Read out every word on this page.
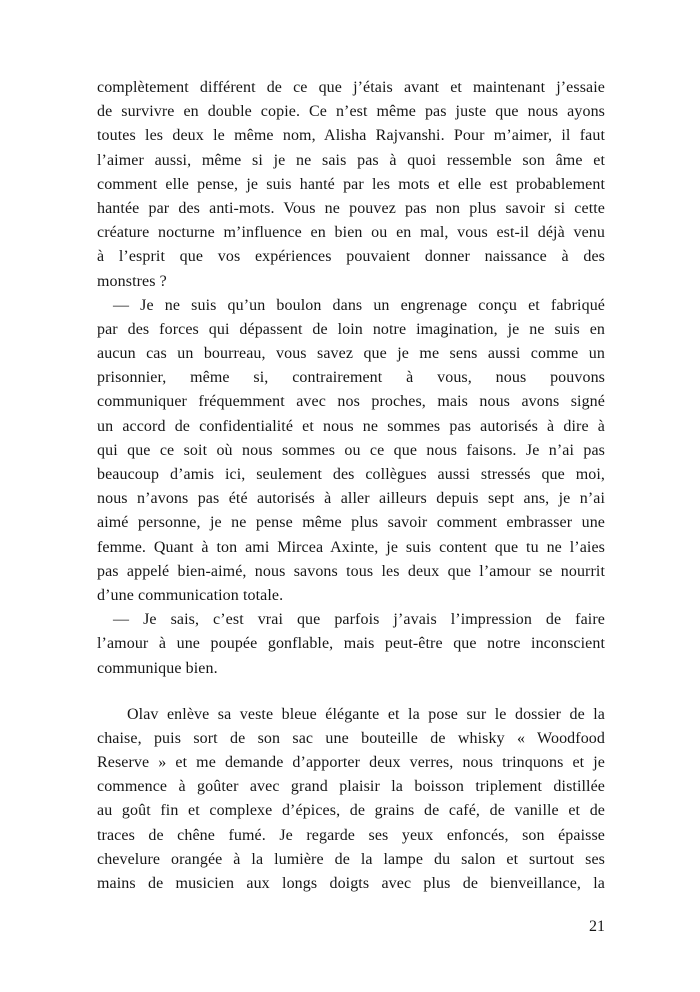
complètement différent de ce que j’étais avant et maintenant j’essaie
de survivre en double copie. Ce n’est même pas juste que nous ayons
toutes les deux le même nom, Alisha Rajvanshi. Pour m’aimer, il faut
l’aimer aussi, même si je ne sais pas à quoi ressemble son âme et
comment elle pense, je suis hanté par les mots et elle est probablement
hantée par des anti-mots. Vous ne pouvez pas non plus savoir si cette
créature nocturne m’influence en bien ou en mal, vous est-il déjà venu
à l’esprit que vos expériences pouvaient donner naissance à des
monstres ?
— Je ne suis qu’un boulon dans un engrenage conçu et fabriqué
par des forces qui dépassent de loin notre imagination, je ne suis en
aucun cas un bourreau, vous savez que je me sens aussi comme un
prisonnier, même si, contrairement à vous, nous pouvons
communiquer fréquemment avec nos proches, mais nous avons signé
un accord de confidentialité et nous ne sommes pas autorisés à dire à
qui que ce soit où nous sommes ou ce que nous faisons. Je n’ai pas
beaucoup d’amis ici, seulement des collègues aussi stressés que moi,
nous n’avons pas été autorisés à aller ailleurs depuis sept ans, je n’ai
aimé personne, je ne pense même plus savoir comment embrasser une
femme. Quant à ton ami Mircea Axinte, je suis content que tu ne l’aies
pas appelé bien-aimé, nous savons tous les deux que l’amour se nourrit
d’une communication totale.
— Je sais, c’est vrai que parfois j’avais l’impression de faire
l’amour à une poupée gonflable, mais peut-être que notre inconscient
communique bien.
Olav enlève sa veste bleue élégante et la pose sur le dossier de la
chaise, puis sort de son sac une bouteille de whisky « Woodfood
Reserve » et me demande d’apporter deux verres, nous trinquons et je
commence à goûter avec grand plaisir la boisson triplement distillée
au goût fin et complexe d’épices, de grains de café, de vanille et de
traces de chêne fumé. Je regarde ses yeux enfoncés, son épaisse
chevelure orangée à la lumière de la lampe du salon et surtout ses
mains de musicien aux longs doigts avec plus de bienveillance, la
21
